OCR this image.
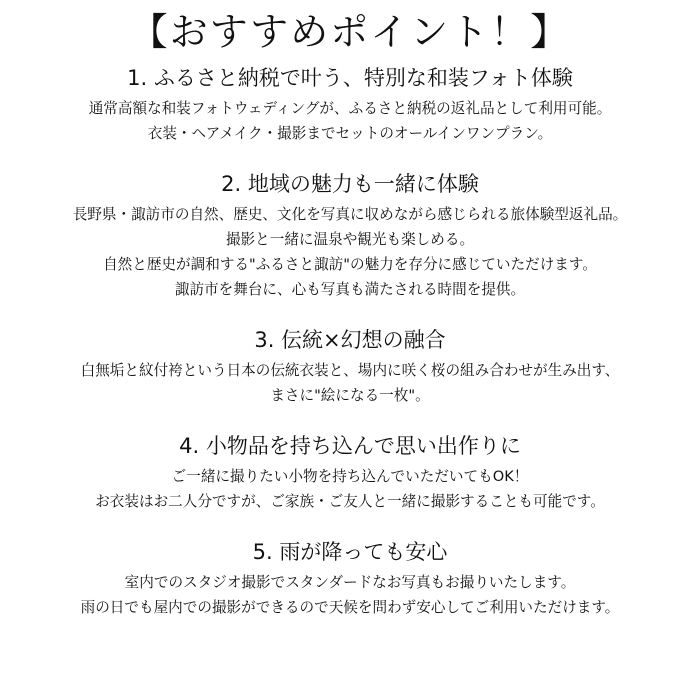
【おすすめポイント！】
1. ふるさと納税で叶う、特別な和装フォト体験

通常高額な和装フォトウェディングが、ふるさと納税の返礼品として利用可能。

衣装・ヘアメイク・撮影までセットのオールインワンプラン。

2. 地域の魅力も一緒に体験

長野県・諏訪市の自然、歴史、文化を写真に収めながら感じられる旅体験型返礼品。

撮影と一緒に温泉や観光も楽しめる。

自然と歴史が調和する"ふるさと諏訪"の魅力を存分に感じていただけます。

諏訪市を舞台に、心も写真も満たされる時間を提供。

3. 伝統×幻想の融合

白無垢と紋付袴という日本の伝統衣装と、場内に咲く桜の組み合わせが生み出す、

まさに"絵になる一枚"。

4. 小物品を持ち込んで思い出作りに

ご一緒に撮りたい小物を持ち込んでいただいてもOK！

お衣装はお二人分ですが、ご家族・ご友人と一緒に撮影することも可能です。

5. 雨が降っても安心

室内でのスタジオ撮影でスタンダードなお写真もお撮りいたします。

雨の日でも屋内での撮影ができるので天候を問わず安心してご利用いただけます。
